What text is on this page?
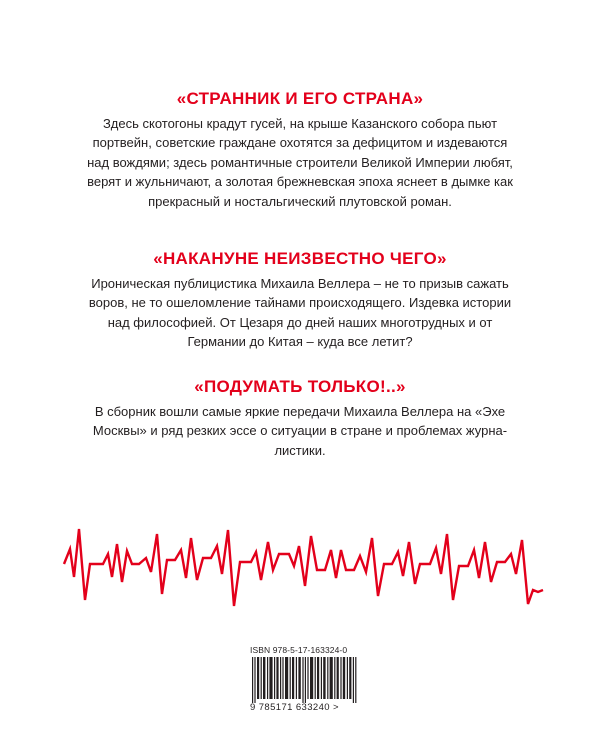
«СТРАННИК И ЕГО СТРАНА»

Здесь скотогоны крадут гусей, на крыше Казанского собора пьют
портвейн, советские граждане охотятся за дефицитом и издеваются
над вождями; здесь романтичные строители Великой Империи любят,
верят и жульничают, а золотая брежневская эпоха яснеет в дымке как
прекрасный и ностальгический плутовской роман.

«НАКАНУНЕ НЕИЗВЕСТНО ЧЕГО»

Ироническая публицистика Михаила Веллера – не то призыв сажать
воров, не то ошеломление тайнами происходящего. Издевка истории
над философией. От Цезаря до дней наших многотрудных и от
Германии до Китая – куда все летит?

«ПОДУМАТЬ ТОЛЬКО!..»

В сборник вошли самые яркие передачи Михаила Веллера на «Эхе
Москвы» и ряд резких эссе о ситуации в стране и проблемах журна-
листики.

ISBN 978-5-17-163324-0
9 785171 633240 >
